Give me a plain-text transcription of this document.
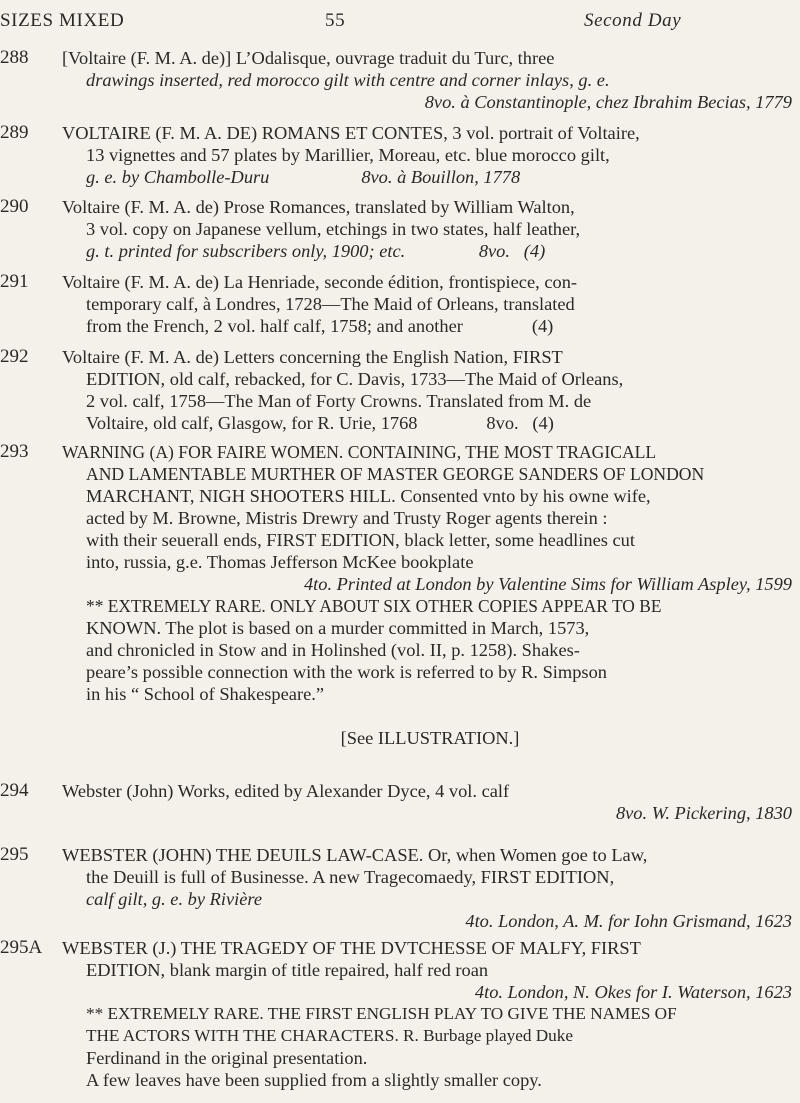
SIZES MIXED	55	Second Day
288	[Voltaire (F. M. A. de)] L’Odalisque, ouvrage traduit du Turc, three
drawings inserted, red morocco gilt with centre and corner inlays, g. e.
8vo. à Constantinople, chez Ibrahim Becias, 1779
289	VOLTAIRE (F. M. A. DE) ROMANS ET CONTES, 3 vol. portrait of Voltaire,
13 vignettes and 57 plates by Marillier, Moreau, etc. blue morocco gilt,
g. e. by Chambolle-Duru                    8vo. à Bouillon, 1778
290	Voltaire (F. M. A. de) Prose Romances, translated by William Walton,
3 vol. copy on Japanese vellum, etchings in two states, half leather,
g. t. printed for subscribers only, 1900; etc.                8vo.   (4)
291	Voltaire (F. M. A. de) La Henriade, seconde édition, frontispiece, con-
temporary calf, à Londres, 1728—The Maid of Orleans, translated
from the French, 2 vol. half calf, 1758; and another               (4)
292	Voltaire (F. M. A. de) Letters concerning the English Nation, FIRST
EDITION, old calf, rebacked, for C. Davis, 1733—The Maid of Orleans,
2 vol. calf, 1758—The Man of Forty Crowns. Translated from M. de
Voltaire, old calf, Glasgow, for R. Urie, 1768               8vo.   (4)
293	WARNING (A) FOR FAIRE WOMEN. CONTAINING, THE MOST TRAGICALL
AND LAMENTABLE MURTHER OF MASTER GEORGE SANDERS OF LONDON
MARCHANT, NIGH SHOOTERS HILL. Consented vnto by his owne wife,
acted by M. Browne, Mistris Drewry and Trusty Roger agents therein :
with their seuerall ends, FIRST EDITION, black letter, some headlines cut
into, russia, g.e. Thomas Jefferson McKee bookplate
4to. Printed at London by Valentine Sims for William Aspley, 1599
** EXTREMELY RARE. ONLY ABOUT SIX OTHER COPIES APPEAR TO BE
KNOWN. The plot is based on a murder committed in March, 1573,
and chronicled in Stow and in Holinshed (vol. II, p. 1258). Shakes-
peare’s possible connection with the work is referred to by R. Simpson
in his “ School of Shakespeare.”
[See ILLUSTRATION.]
294	Webster (John) Works, edited by Alexander Dyce, 4 vol. calf
8vo. W. Pickering, 1830
295	WEBSTER (JOHN) THE DEUILS LAW-CASE. Or, when Women goe to Law,
the Deuill is full of Businesse. A new Tragecomaedy, FIRST EDITION,
calf gilt, g. e. by Rivière
4to. London, A. M. for Iohn Grismand, 1623
295A	WEBSTER (J.) THE TRAGEDY OF THE DVTCHESSE OF MALFY, FIRST
EDITION, blank margin of title repaired, half red roan
4to. London, N. Okes for I. Waterson, 1623
** EXTREMELY RARE. THE FIRST ENGLISH PLAY TO GIVE THE NAMES OF
THE ACTORS WITH THE CHARACTERS. R. Burbage played Duke
Ferdinand in the original presentation.
A few leaves have been supplied from a slightly smaller copy.
